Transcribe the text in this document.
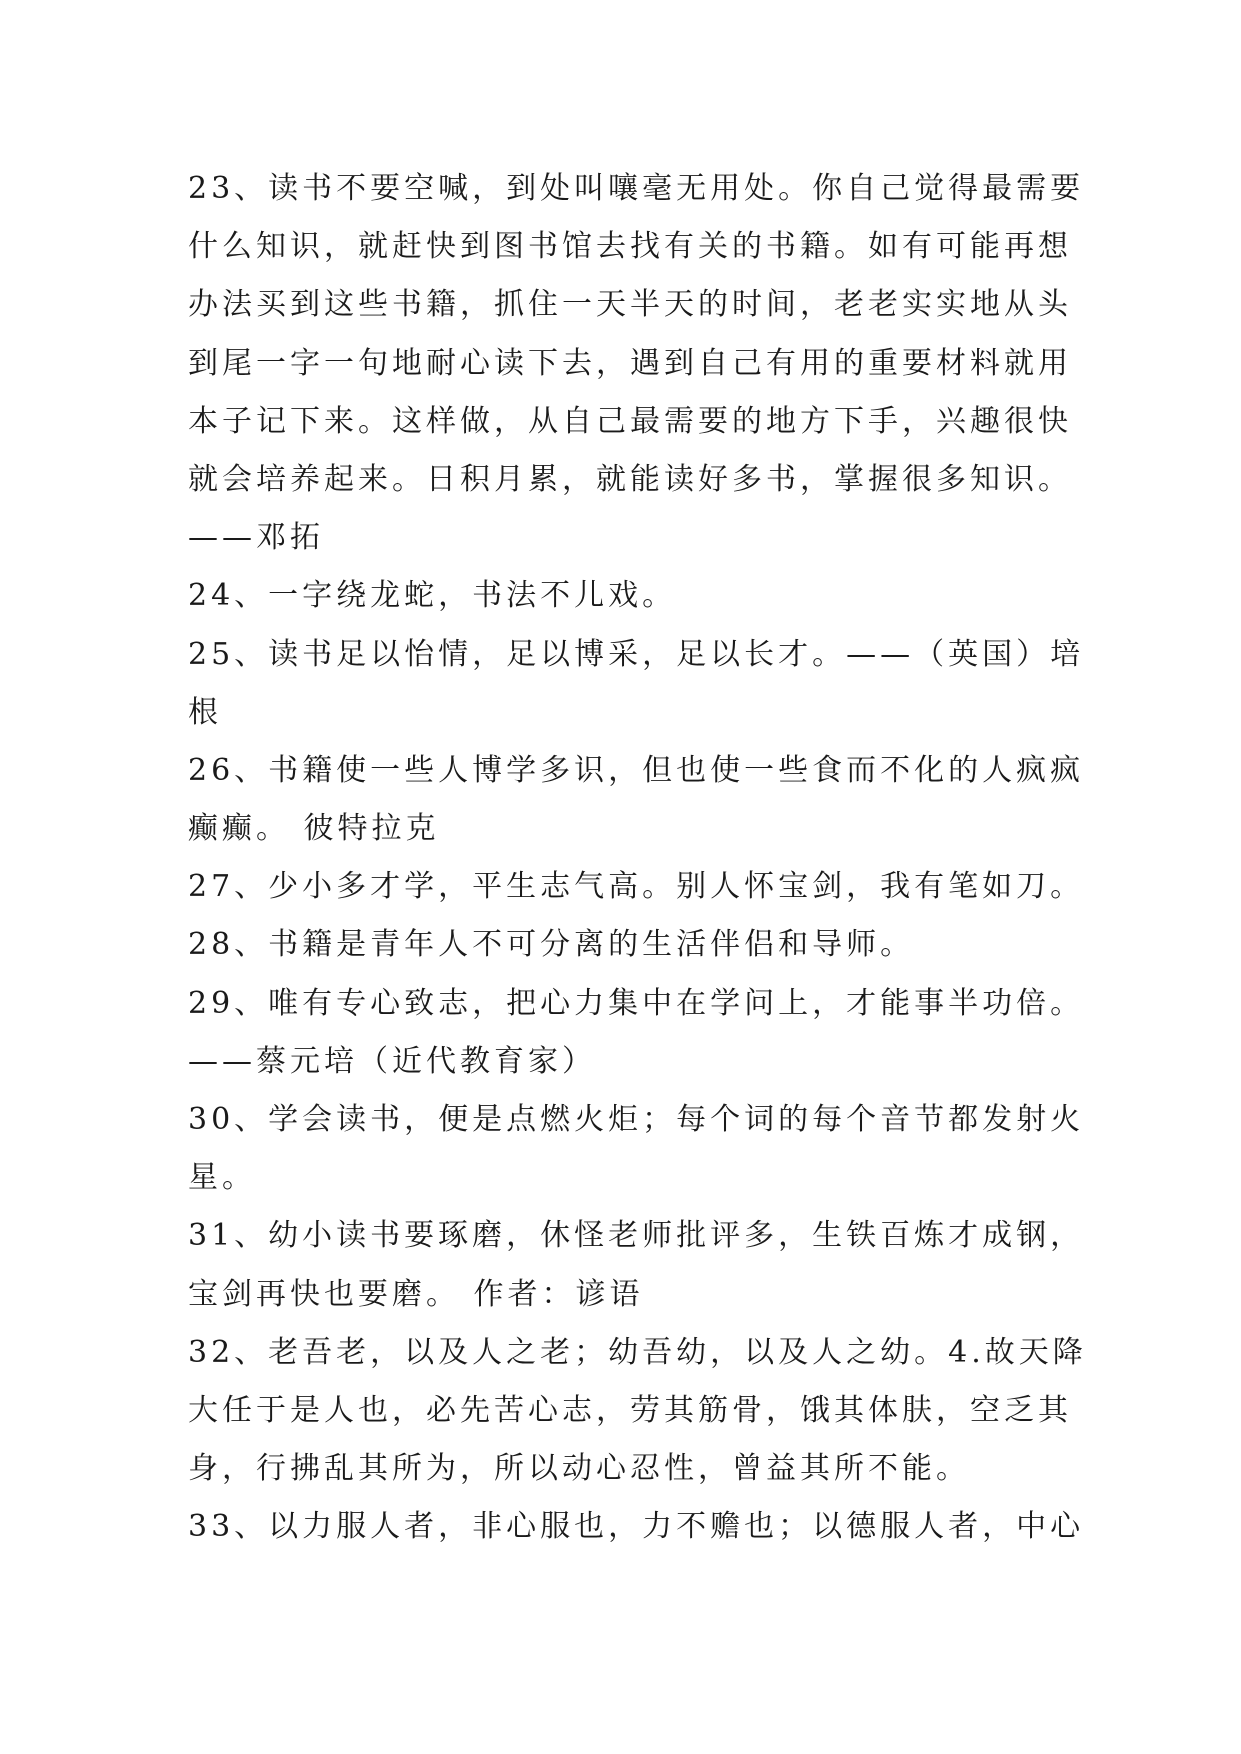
23、读书不要空喊，到处叫嚷毫无用处。你自己觉得最需要
什么知识，就赶快到图书馆去找有关的书籍。如有可能再想
办法买到这些书籍，抓住一天半天的时间，老老实实地从头
到尾一字一句地耐心读下去，遇到自己有用的重要材料就用
本子记下来。这样做，从自己最需要的地方下手，兴趣很快
就会培养起来。日积月累，就能读好多书，掌握很多知识。
——邓拓
24、一字绕龙蛇，书法不儿戏。
25、读书足以怡情，足以博采，足以长才。——（英国）培
根
26、书籍使一些人博学多识，但也使一些食而不化的人疯疯
癫癫。 彼特拉克
27、少小多才学，平生志气高。别人怀宝剑，我有笔如刀。
28、书籍是青年人不可分离的生活伴侣和导师。
29、唯有专心致志，把心力集中在学问上，才能事半功倍。
——蔡元培（近代教育家）
30、学会读书，便是点燃火炬；每个词的每个音节都发射火
星。
31、幼小读书要琢磨，休怪老师批评多，生铁百炼才成钢，
宝剑再快也要磨。 作者：谚语
32、老吾老，以及人之老；幼吾幼，以及人之幼。4.故天降
大任于是人也，必先苦心志，劳其筋骨，饿其体肤，空乏其
身，行拂乱其所为，所以动心忍性，曾益其所不能。
33、以力服人者，非心服也，力不赡也；以德服人者，中心
